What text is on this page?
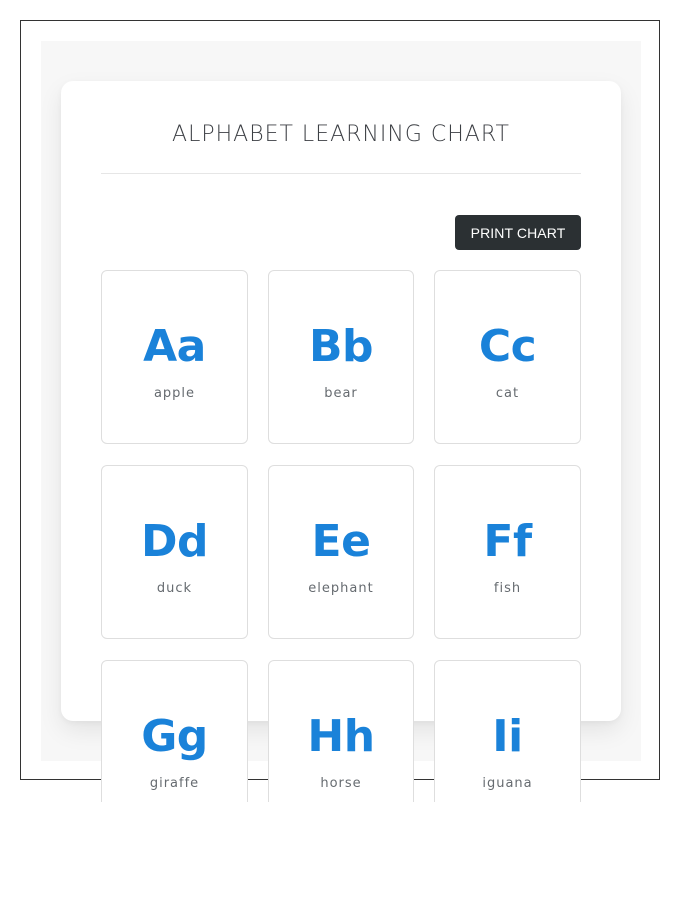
ALPHABET LEARNING CHART
PRINT CHART
Aa
apple
Bb
bear
Cc
cat
Dd
duck
Ee
elephant
Ff
fish
Gg
giraffe
Hh
horse
Ii
iguana
